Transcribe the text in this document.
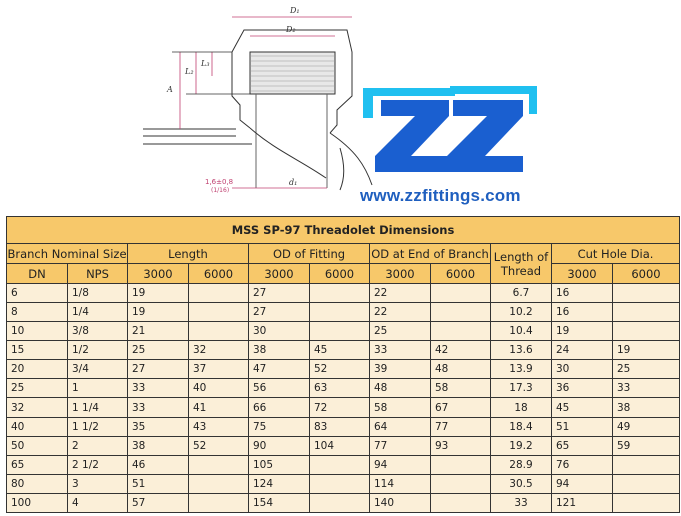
D₁
D₂
A
L₂
L₃
d₁
1,6±0,8
(1/16)
ZZ
www.zzfittings.com
MSS SP-97 Threadolet Dimensions										
Branch Nominal Size		Length		OD of Fitting		OD at End of Branch		Length of Thread	Cut Hole Dia.	
DN	NPS	3000	6000	3000	6000	3000	6000		3000	6000
6	1/8	19		27		22		6.7	16	
8	1/4	19		27		22		10.2	16	
10	3/8	21		30		25		10.4	19	
15	1/2	25	32	38	45	33	42	13.6	24	19
20	3/4	27	37	47	52	39	48	13.9	30	25
25	1	33	40	56	63	48	58	17.3	36	33
32	1 1/4	33	41	66	72	58	67	18	45	38
40	1 1/2	35	43	75	83	64	77	18.4	51	49
50	2	38	52	90	104	77	93	19.2	65	59
65	2 1/2	46		105		94		28.9	76	
80	3	51		124		114		30.5	94	
100	4	57		154		140		33	121	
